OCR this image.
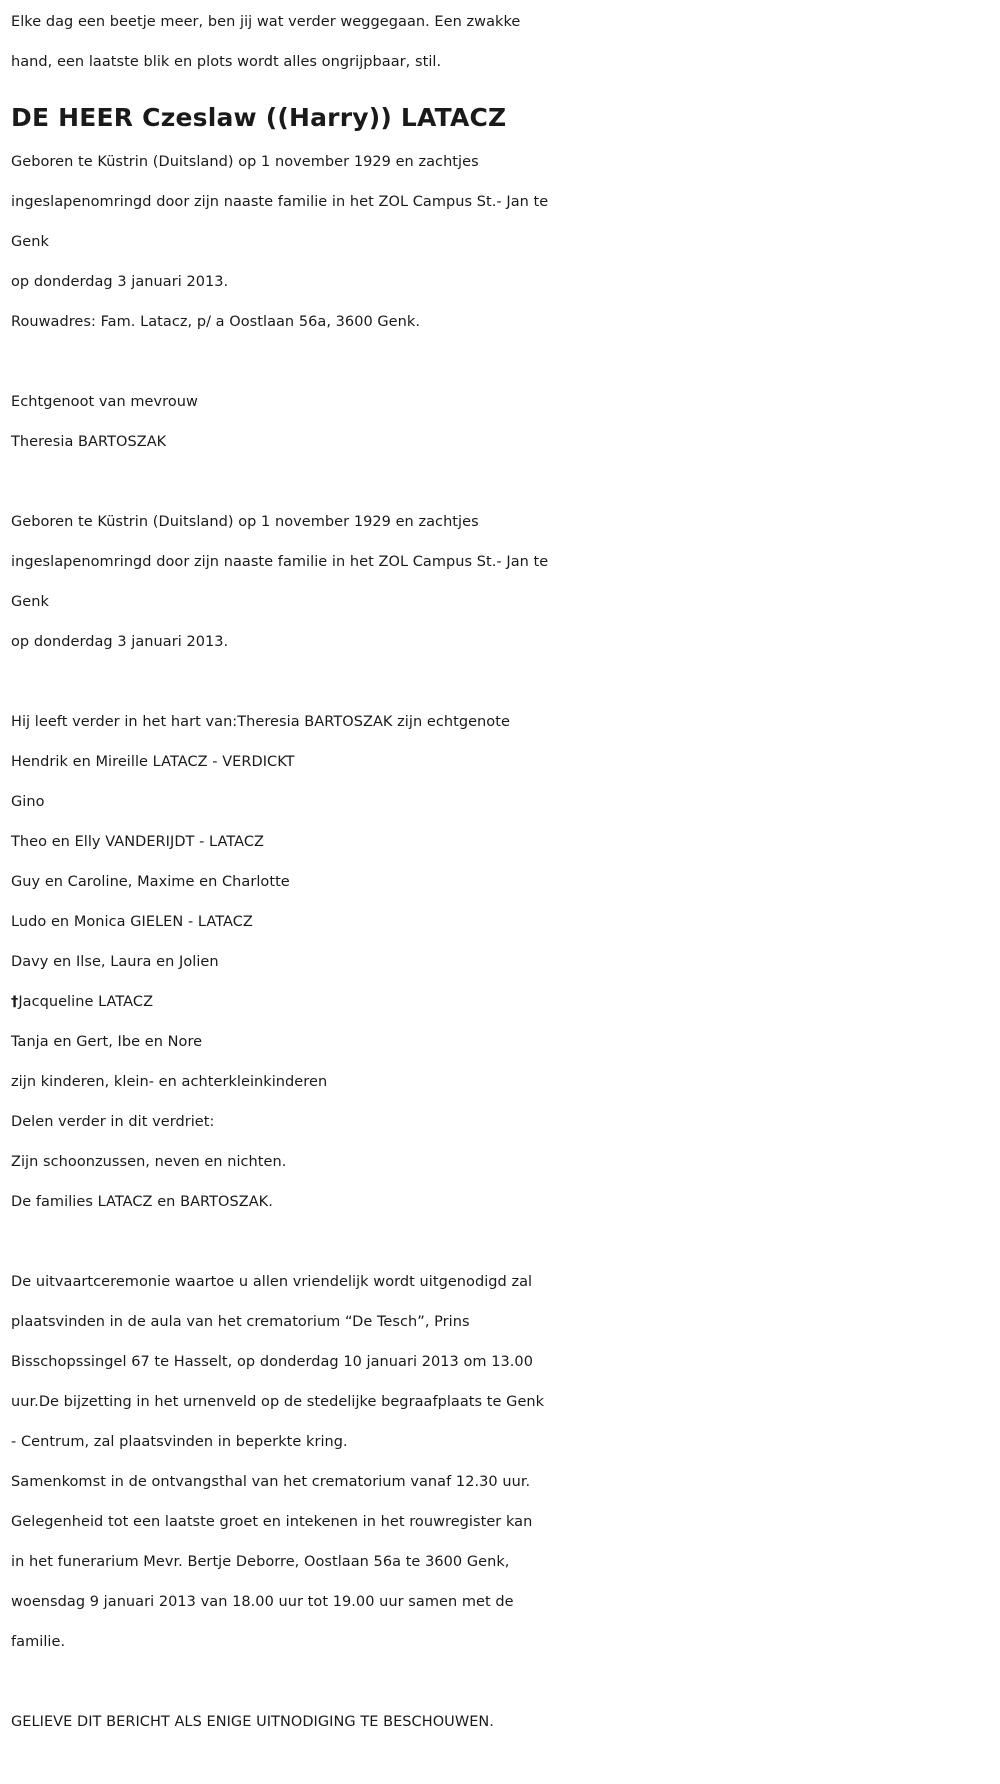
Elke dag een beetje meer, ben jij wat verder weggegaan. Een zwakke
hand, een laatste blik en plots wordt alles ongrijpbaar, stil.
DE HEER Czeslaw ((Harry)) LATACZ
Geboren te Küstrin (Duitsland) op 1 november 1929 en zachtjes
ingeslapenomringd door zijn naaste familie in het ZOL Campus St.- Jan te
Genk
op donderdag 3 januari 2013.
Rouwadres: Fam. Latacz, p/ a Oostlaan 56a, 3600 Genk.
Echtgenoot van mevrouw
Theresia BARTOSZAK
Geboren te Küstrin (Duitsland) op 1 november 1929 en zachtjes
ingeslapenomringd door zijn naaste familie in het ZOL Campus St.- Jan te
Genk
op donderdag 3 januari 2013.
Hij leeft verder in het hart van:Theresia BARTOSZAK zijn echtgenote
Hendrik en Mireille LATACZ - VERDICKT
Gino
Theo en Elly VANDERIJDT - LATACZ
Guy en Caroline, Maxime en Charlotte
Ludo en Monica GIELEN - LATACZ
Davy en Ilse, Laura en Jolien
†Jacqueline LATACZ
Tanja en Gert, Ibe en Nore
zijn kinderen, klein- en achterkleinkinderen
Delen verder in dit verdriet:
Zijn schoonzussen, neven en nichten.
De families LATACZ en BARTOSZAK.
De uitvaartceremonie waartoe u allen vriendelijk wordt uitgenodigd zal
plaatsvinden in de aula van het crematorium “De Tesch”, Prins
Bisschopssingel 67 te Hasselt, op donderdag 10 januari 2013 om 13.00
uur.De bijzetting in het urnenveld op de stedelijke begraafplaats te Genk
- Centrum, zal plaatsvinden in beperkte kring.
Samenkomst in de ontvangsthal van het crematorium vanaf 12.30 uur.
Gelegenheid tot een laatste groet en intekenen in het rouwregister kan
in het funerarium Mevr. Bertje Deborre, Oostlaan 56a te 3600 Genk,
woensdag 9 januari 2013 van 18.00 uur tot 19.00 uur samen met de
familie.
GELIEVE DIT BERICHT ALS ENIGE UITNODIGING TE BESCHOUWEN.
